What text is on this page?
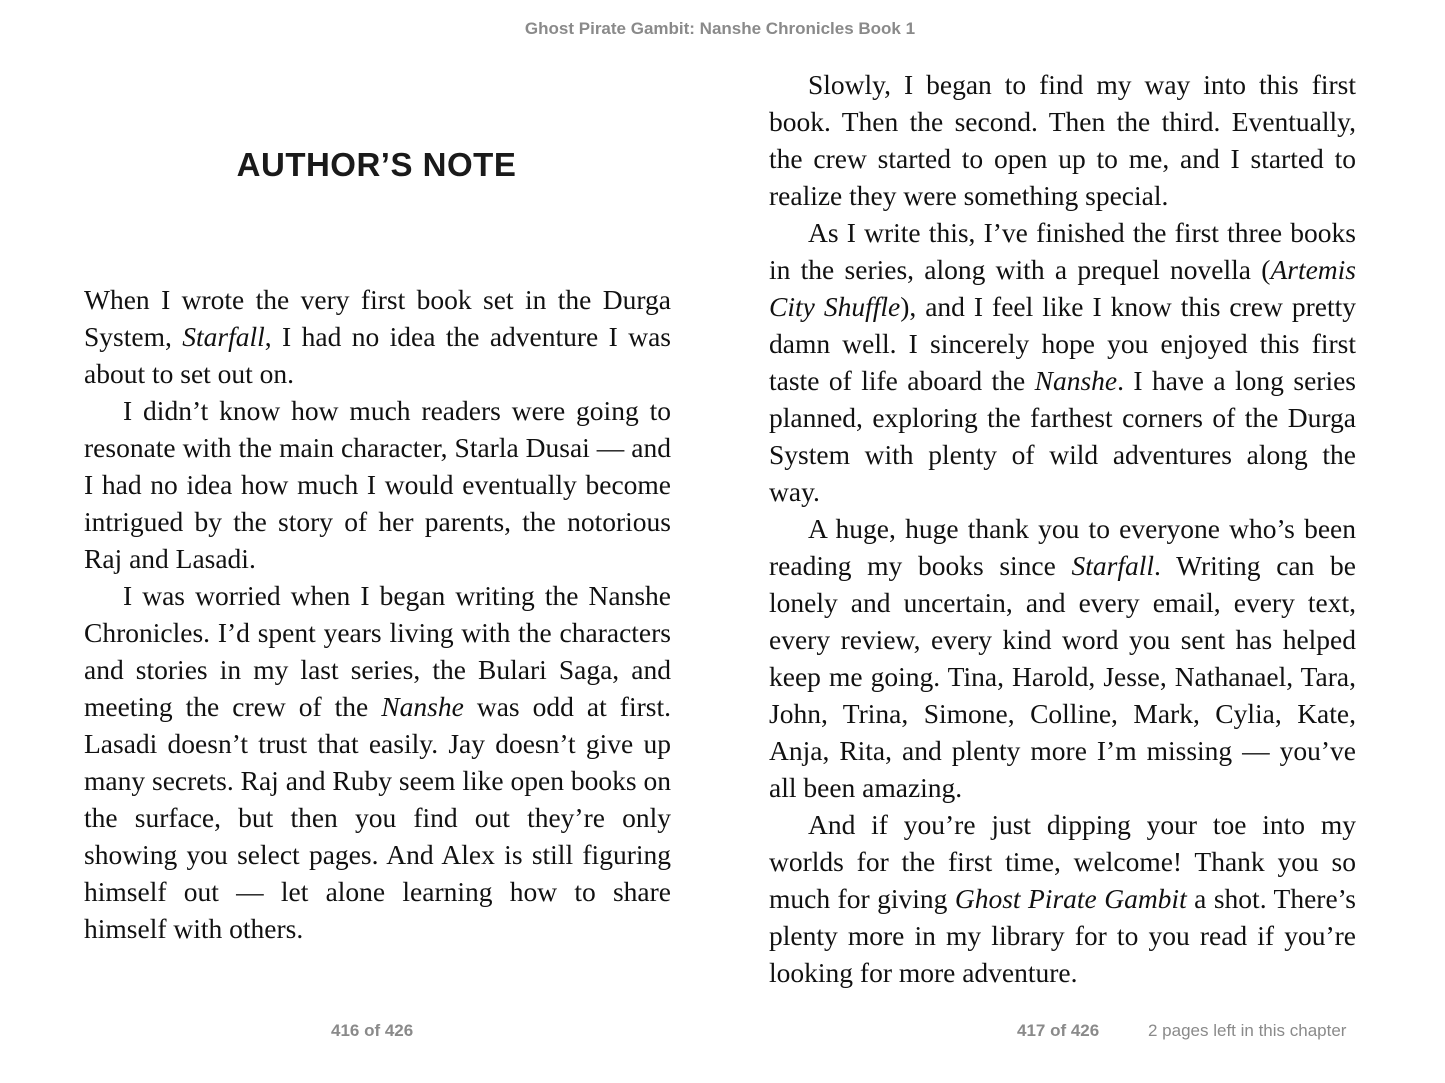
Ghost Pirate Gambit: Nanshe Chronicles Book 1
AUTHOR’S NOTE

When I wrote the very first book set in the Durga System, Starfall, I had no idea the adventure I was about to set out on.

I didn’t know how much readers were going to resonate with the main character, Starla Dusai — and I had no idea how much I would eventually become intrigued by the story of her parents, the notorious Raj and Lasadi.

I was worried when I began writing the Nanshe Chronicles. I’d spent years living with the characters and stories in my last series, the Bulari Saga, and meeting the crew of the Nanshe was odd at first. Lasadi doesn’t trust that easily. Jay doesn’t give up many secrets. Raj and Ruby seem like open books on the surface, but then you find out they’re only showing you select pages. And Alex is still figuring himself out — let alone learning how to share himself with others.

Slowly, I began to find my way into this first book. Then the second. Then the third. Eventually, the crew started to open up to me, and I started to realize they were something special.

As I write this, I’ve finished the first three books in the series, along with a prequel novella (Artemis City Shuffle), and I feel like I know this crew pretty damn well. I sincerely hope you enjoyed this first taste of life aboard the Nanshe. I have a long series planned, exploring the farthest corners of the Durga System with plenty of wild adventures along the way.

A huge, huge thank you to everyone who’s been reading my books since Starfall. Writing can be lonely and uncertain, and every email, every text, every review, every kind word you sent has helped keep me going. Tina, Harold, Jesse, Nathanael, Tara, John, Trina, Simone, Colline, Mark, Cylia, Kate, Anja, Rita, and plenty more I’m missing — you’ve all been amazing.

And if you’re just dipping your toe into my worlds for the first time, welcome! Thank you so much for giving Ghost Pirate Gambit a shot. There’s plenty more in my library for to you read if you’re looking for more adventure.

416 of 426	417 of 426	2 pages left in this chapter
